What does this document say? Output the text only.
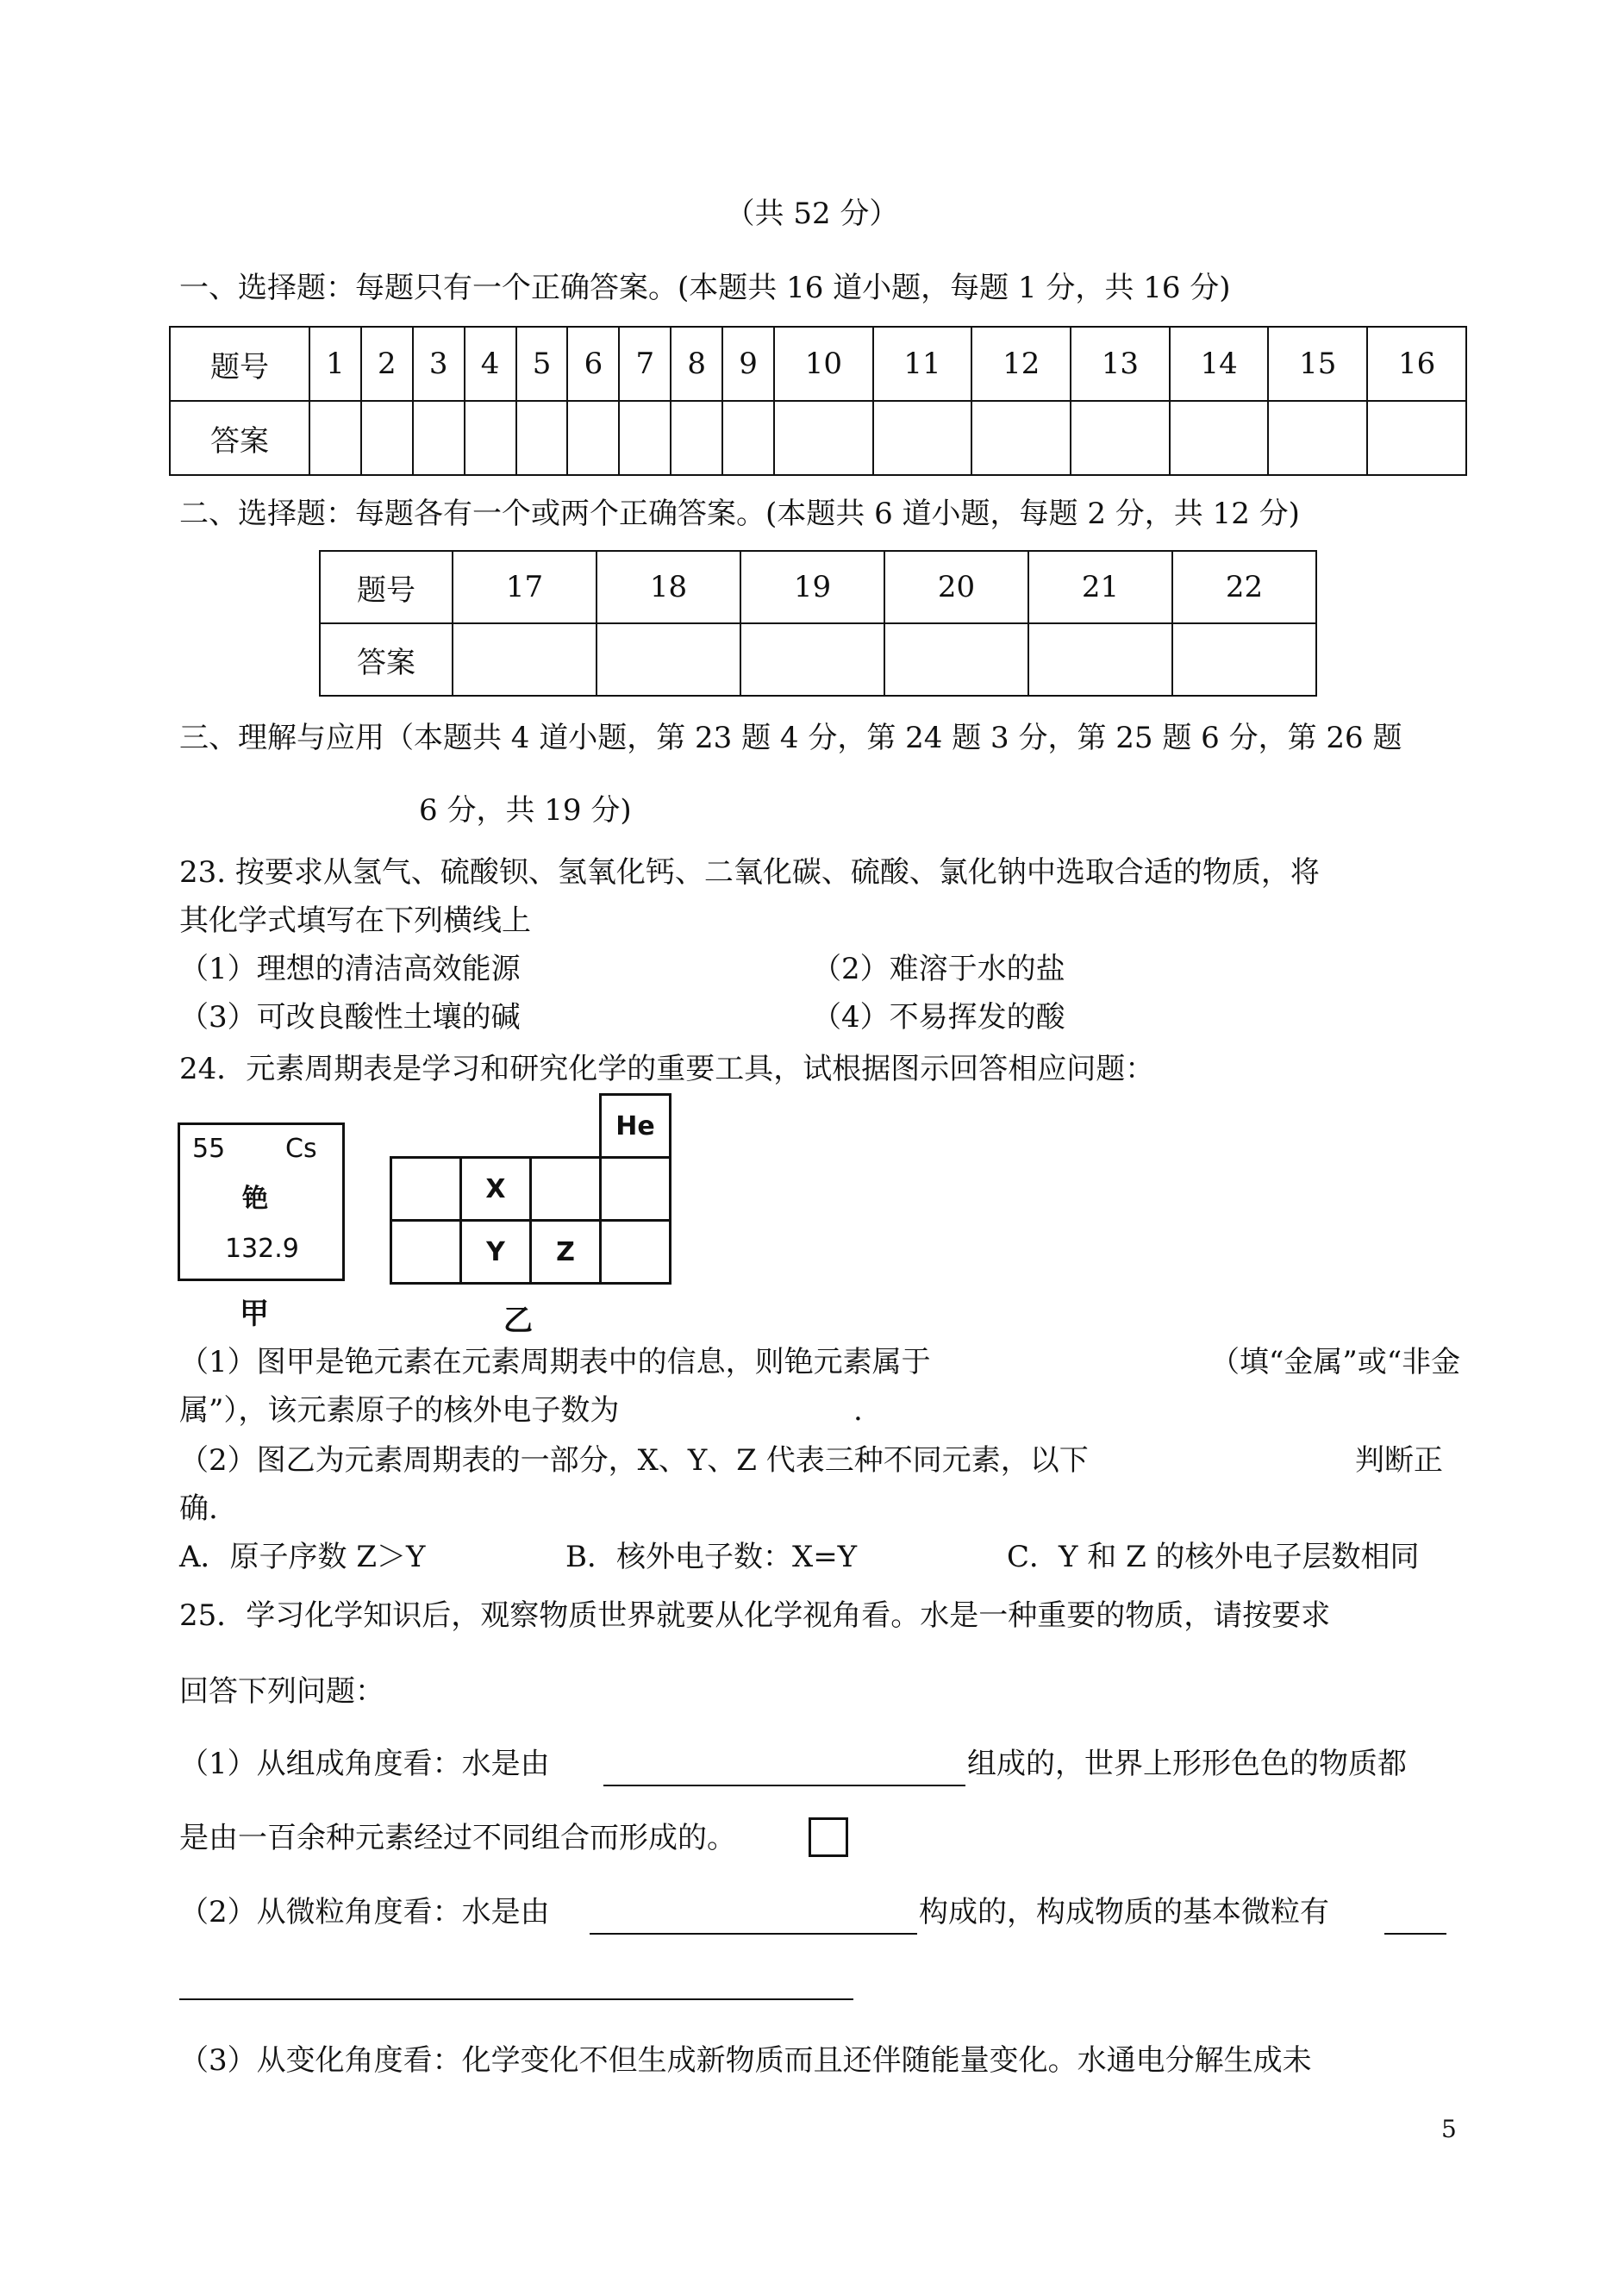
（共 52 分）
一、选择题：每题只有一个正确答案。(本题共 16 道小题，每题 1 分，共 16 分)
题号	1	2	3	4	5	6	7	8	9	10	11	12	13	14	15	16
答案																
二、选择题：每题各有一个或两个正确答案。(本题共 6 道小题，每题 2 分，共 12 分)
题号	17	18	19	20	21	22
答案						
三、理解与应用（本题共 4 道小题，第 23 题 4 分，第 24 题 3 分，第 25 题 6 分，第 26 题
6 分，共 19 分)
23. 按要求从氢气、硫酸钡、氢氧化钙、二氧化碳、硫酸、氯化钠中选取合适的物质，将
其化学式填写在下列横线上
（1）理想的清洁高效能源	（2）难溶于水的盐
（3）可改良酸性土壤的碱	（4）不易挥发的酸
24．元素周期表是学习和研究化学的重要工具，试根据图示回答相应问题：
55 Cs
铯
132.9
甲
			He
	X		
	Y	Z	
乙
（1）图甲是铯元素在元素周期表中的信息，则铯元素属于	（填“金属”或“非金
属”），该元素原子的核外电子数为	.
（2）图乙为元素周期表的一部分，X、Y、Z 代表三种不同元素，以下	判断正
确.
A．原子序数 Z＞Y	B．核外电子数：X=Y	C．Y 和 Z 的核外电子层数相同
25．学习化学知识后，观察物质世界就要从化学视角看。水是一种重要的物质，请按要求
回答下列问题：
（1）从组成角度看：水是由	组成的，世界上形形色色的物质都
是由一百余种元素经过不同组合而形成的。
（2）从微粒角度看：水是由	构成的，构成物质的基本微粒有
（3）从变化角度看：化学变化不但生成新物质而且还伴随能量变化。水通电分解生成未
5
